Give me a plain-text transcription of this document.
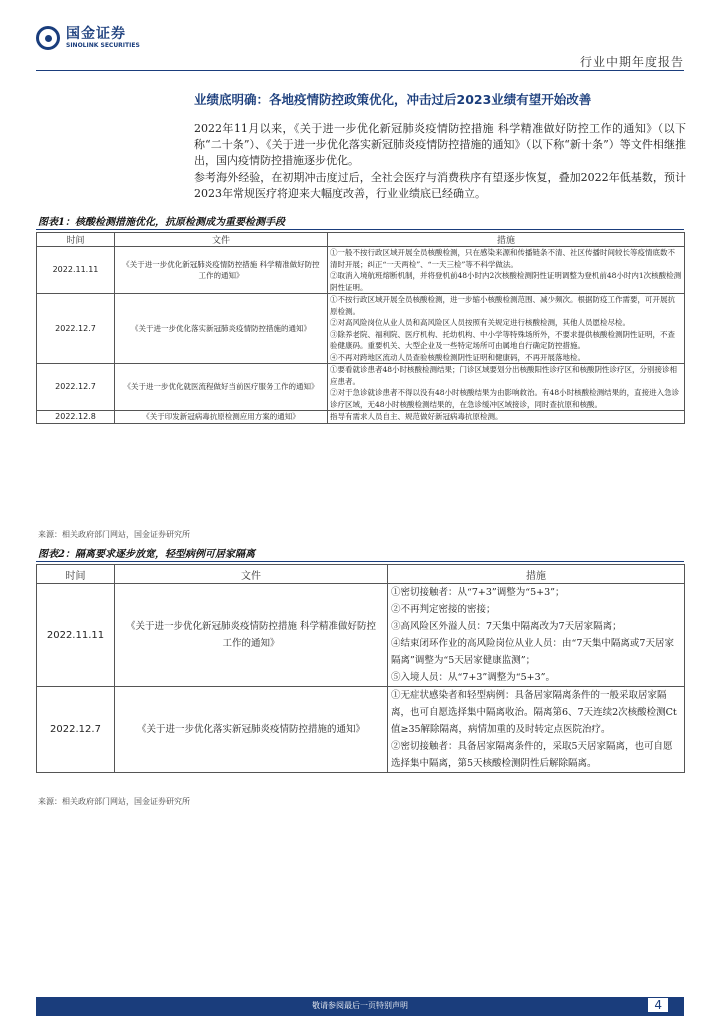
国金证券
SINOLINK SECURITIES
行业中期年度报告
业绩底明确：各地疫情防控政策优化，冲击过后2023业绩有望开始改善

2022年11月以来，《关于进一步优化新冠肺炎疫情防控措施 科学精准做好防控工作的通知》（以下称“二十条”）、《关于进一步优化落实新冠肺炎疫情防控措施的通知》（以下称“新十条”）等文件相继推出，国内疫情防控措施逐步优化。

参考海外经验，在初期冲击度过后，全社会医疗与消费秩序有望逐步恢复，叠加2022年低基数，预计2023年常规医疗将迎来大幅度改善，行业业绩底已经确立。

图表1：核酸检测措施优化，抗原检测成为重要检测手段
时间	文件	措施
2022.11.11	《关于进一步优化新冠肺炎疫情防控措施 科学精准做好防控工作的通知》	①一般不按行政区域开展全员核酸检测，只在感染来源和传播链条不清、社区传播时间较长等疫情底数不清时开展；纠正“一天两检”、“一天三检”等不科学做法。
②取消入境航班熔断机制，并将登机前48小时内2次核酸检测阴性证明调整为登机前48小时内1次核酸检测阴性证明。

2022.12.7	《关于进一步优化落实新冠肺炎疫情防控措施的通知》	①不按行政区域开展全员核酸检测，进一步缩小核酸检测范围、减少频次。根据防疫工作需要，可开展抗原检测。
②对高风险岗位从业人员和高风险区人员按照有关规定进行核酸检测，其他人员愿检尽检。
③除养老院、福利院、医疗机构、托幼机构、中小学等特殊场所外，不要求提供核酸检测阴性证明，不查验健康码。重要机关、大型企业及一些特定场所可由属地自行确定防控措施。
④不再对跨地区流动人员查验核酸检测阴性证明和健康码，不再开展落地检。

2022.12.7	《关于进一步优化就医流程做好当前医疗服务工作的通知》	①要看就诊患者48小时核酸检测结果；门诊区域要划分出核酸阳性诊疗区和核酸阴性诊疗区，分别接诊相应患者。
②对于急诊就诊患者不得以没有48小时核酸结果为由影响救治。有48小时核酸检测结果的，直接进入急诊诊疗区域，无48小时核酸检测结果的，在急诊缓冲区域接诊，同时查抗原和核酸。

2022.12.8	《关于印发新冠病毒抗原检测应用方案的通知》	指导有需求人员自主、规范做好新冠病毒抗原检测。
来源：相关政府部门网站，国金证券研究所
图表2：隔离要求逐步放宽，轻型病例可居家隔离
时间	文件	措施
2022.11.11	《关于进一步优化新冠肺炎疫情防控措施 科学精准做好防控工作的通知》	①密切接触者：从“7+3”调整为“5+3”；
②不再判定密接的密接；
③高风险区外溢人员：7天集中隔离改为7天居家隔离；
④结束闭环作业的高风险岗位从业人员：由“7天集中隔离或7天居家隔离”调整为“5天居家健康监测”；
⑤入境人员：从“7+3”调整为“5+3”。

2022.12.7	《关于进一步优化落实新冠肺炎疫情防控措施的通知》	①无症状感染者和轻型病例：具备居家隔离条件的一般采取居家隔离，也可自愿选择集中隔离收治。隔离第6、7天连续2次核酸检测Ct值≥35解除隔离，病情加重的及时转定点医院治疗。
②密切接触者：具备居家隔离条件的，采取5天居家隔离，也可自愿选择集中隔离，第5天核酸检测阴性后解除隔离。
来源：相关政府部门网站，国金证券研究所
敬请参阅最后一页特别声明	4
